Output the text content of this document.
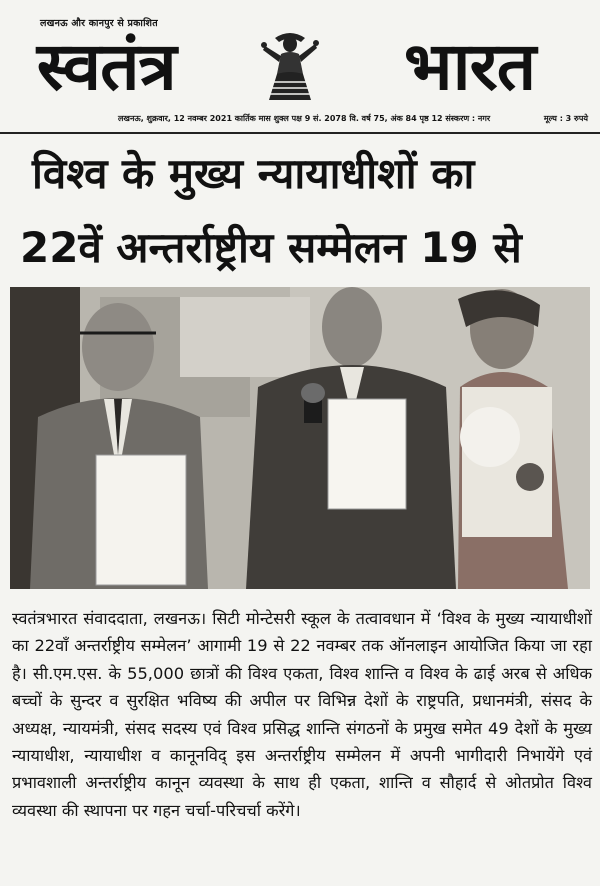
लखनऊ और कानपुर से प्रकाशित
स्वतंत्र	भारत
लखनऊ, शुक्रवार, 12 नवम्बर 2021 कार्तिक मास शुक्ल पक्ष 9 सं. 2078 वि. वर्ष 75, अंक 84 पृष्ठ 12 संस्करण : नगर	मूल्य : 3 रुपये
विश्व के मुख्य न्यायाधीशों का
22वें अन्तर्राष्ट्रीय सम्मेलन 19 से

स्वतंत्रभारत संवाददाता, लखनऊ। सिटी मोन्टेसरी स्कूल के तत्वावधान में ‘विश्व के मुख्य न्यायाधीशों का 22वाँ अन्तर्राष्ट्रीय सम्मेलन’ आगामी 19 से 22 नवम्बर तक ऑनलाइन आयोजित किया जा रहा है। सी.एम.एस. के 55,000 छात्रों की विश्व एकता, विश्व शान्ति व विश्व के ढाई अरब से अधिक बच्चों के सुन्दर व सुरक्षित भविष्य की अपील पर विभिन्न देशों के राष्ट्रपति, प्रधानमंत्री, संसद के अध्यक्ष, न्यायमंत्री, संसद सदस्य एवं विश्व प्रसिद्ध शान्ति संगठनों के प्रमुख समेत 49 देशों के मुख्य न्यायाधीश, न्यायाधीश व कानूनविद् इस अन्तर्राष्ट्रीय सम्मेलन में अपनी भागीदारी निभायेंगे एवं प्रभावशाली अन्तर्राष्ट्रीय कानून व्यवस्था के साथ ही एकता, शान्ति व सौहार्द से ओतप्रोत विश्व व्यवस्था की स्थापना पर गहन चर्चा-परिचर्चा करेंगे।
